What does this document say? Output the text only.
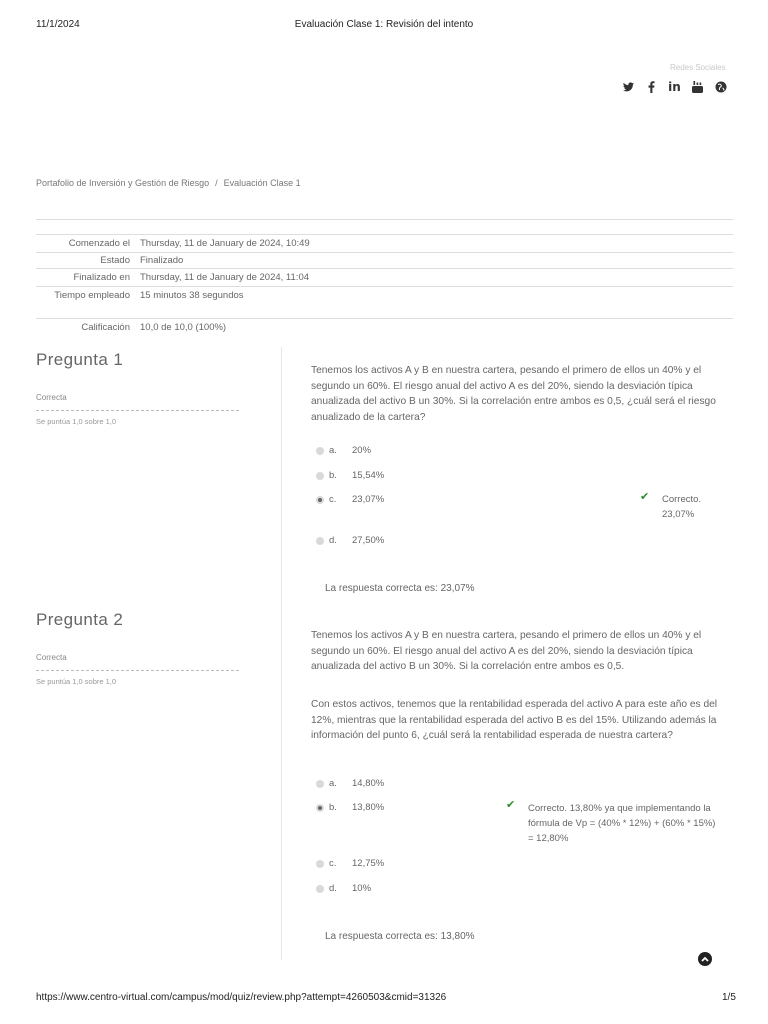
11/1/2024	Evaluación Clase 1: Revisión del intento
https://www.centro-virtual.com/campus/mod/quiz/review.php?attempt=4260503&cmid=31326	1/5
Redes Sociales
in
Portafolio de Inversión y Gestión de Riesgo / Evaluación Clase 1
Comenzado el Thursday, 11 de January de 2024, 10:49
Estado Finalizado
Finalizado en Thursday, 11 de January de 2024, 11:04
Tiempo empleado 15 minutos 38 segundos
Calificación 10,0 de 10,0 (100%)
Pregunta 1
Correcta
Se puntúa 1,0 sobre 1,0
Tenemos los activos A y B en nuestra cartera, pesando el primero de ellos un 40% y el segundo un 60%. El riesgo anual del activo A es del 20%, siendo la desviación típica anualizada del activo B un 30%. Si la correlación entre ambos es 0,5, ¿cuál será el riesgo anualizado de la cartera?
a.	20%
b.	15,54%
c.	23,07%	✔ Correcto. 23,07%
d.	27,50%
La respuesta correcta es: 23,07%
Pregunta 2
Correcta
Se puntúa 1,0 sobre 1,0
Tenemos los activos A y B en nuestra cartera, pesando el primero de ellos un 40% y el segundo un 60%. El riesgo anual del activo A es del 20%, siendo la desviación típica anualizada del activo B un 30%. Si la correlación entre ambos es 0,5.
Con estos activos, tenemos que la rentabilidad esperada del activo A para este año es del 12%, mientras que la rentabilidad esperada del activo B es del 15%. Utilizando además la información del punto 6, ¿cuál será la rentabilidad esperada de nuestra cartera?
a.	14,80%
b.	13,80%	✔ Correcto. 13,80% ya que implementando la fórmula de Vp = (40% * 12%) + (60% * 15%) = 12,80%
c.	12,75%
d.	10%
La respuesta correcta es: 13,80%
